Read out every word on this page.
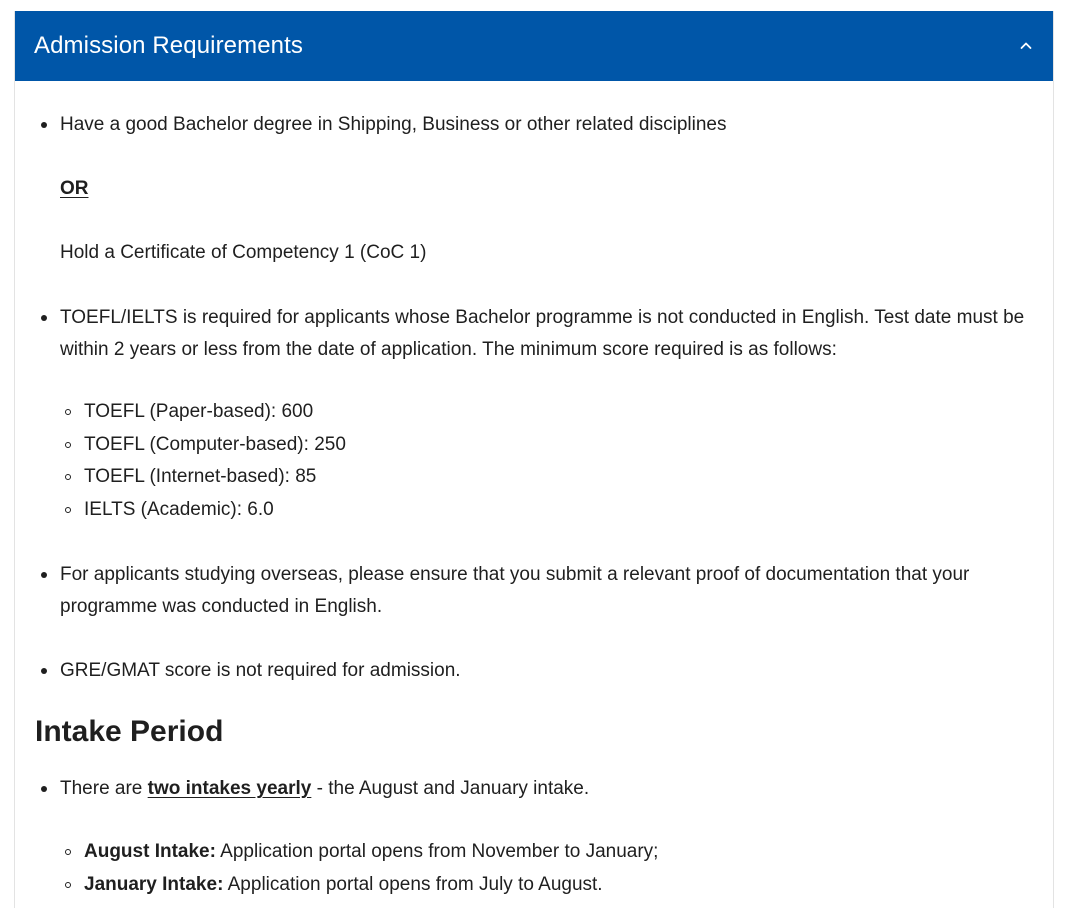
Admission Requirements

Have a good Bachelor degree in Shipping, Business or other related disciplines

OR

Hold a Certificate of Competency 1 (CoC 1)

TOEFL/IELTS is required for applicants whose Bachelor programme is not conducted in English. Test date must be within 2 years or less from the date of application. The minimum score required is as follows:

TOEFL (Paper-based): 600
TOEFL (Computer-based): 250
TOEFL (Internet-based): 85
IELTS (Academic): 6.0

For applicants studying overseas, please ensure that you submit a relevant proof of documentation that your programme was conducted in English.

GRE/GMAT score is not required for admission.

Intake Period
There are two intakes yearly - the August and January intake.
August Intake: Application portal opens from November to January;
January Intake: Application portal opens from July to August.
